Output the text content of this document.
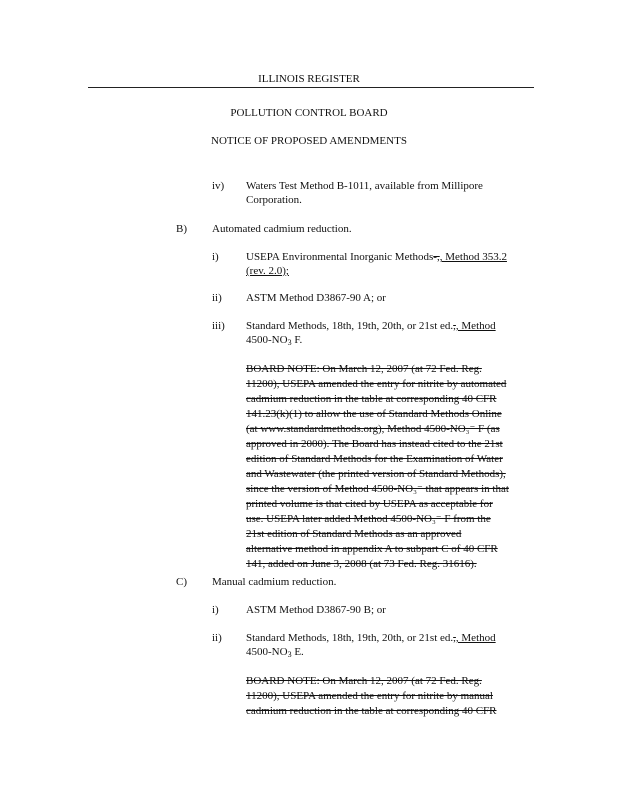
ILLINOIS REGISTER
POLLUTION CONTROL BOARD
NOTICE OF PROPOSED AMENDMENTS
iv) Waters Test Method B-1011, available from Millipore
Corporation.
B) Automated cadmium reduction.
i) USEPA Environmental Inorganic Methods-,, Method 353.2
(rev. 2.0);
ii) ASTM Method D3867-90 A; or
iii) Standard Methods, 18th, 19th, 20th, or 21st ed.,, Method
$4500-NO_3$ F.
BOARD NOTE: On March 12, 2007 (at 72 Fed. Reg.
11200), USEPA amended the entry for nitrite by automated
cadmium reduction in the table at corresponding 40 CFR
141.23(k)(1) to allow the use of Standard Methods Online
(at www.standardmethods.org), Method 4500-NO₃⁻ F (as
approved in 2000). The Board has instead cited to the 21st
edition of Standard Methods for the Examination of Water
and Wastewater (the printed version of Standard Methods),
since the version of Method 4500-NO₃⁻ that appears in that
printed volume is that cited by USEPA as acceptable for
use. USEPA later added Method 4500-NO₃⁻ F from the
21st edition of Standard Methods as an approved
alternative method in appendix A to subpart C of 40 CFR
141, added on June 3, 2008 (at 73 Fed. Reg. 31616).
C) Manual cadmium reduction.
i) ASTM Method D3867-90 B; or
ii) Standard Methods, 18th, 19th, 20th, or 21st ed.,, Method
$4500-NO_3$ E.
BOARD NOTE: On March 12, 2007 (at 72 Fed. Reg.
11200), USEPA amended the entry for nitrite by manual
cadmium reduction in the table at corresponding 40 CFR
